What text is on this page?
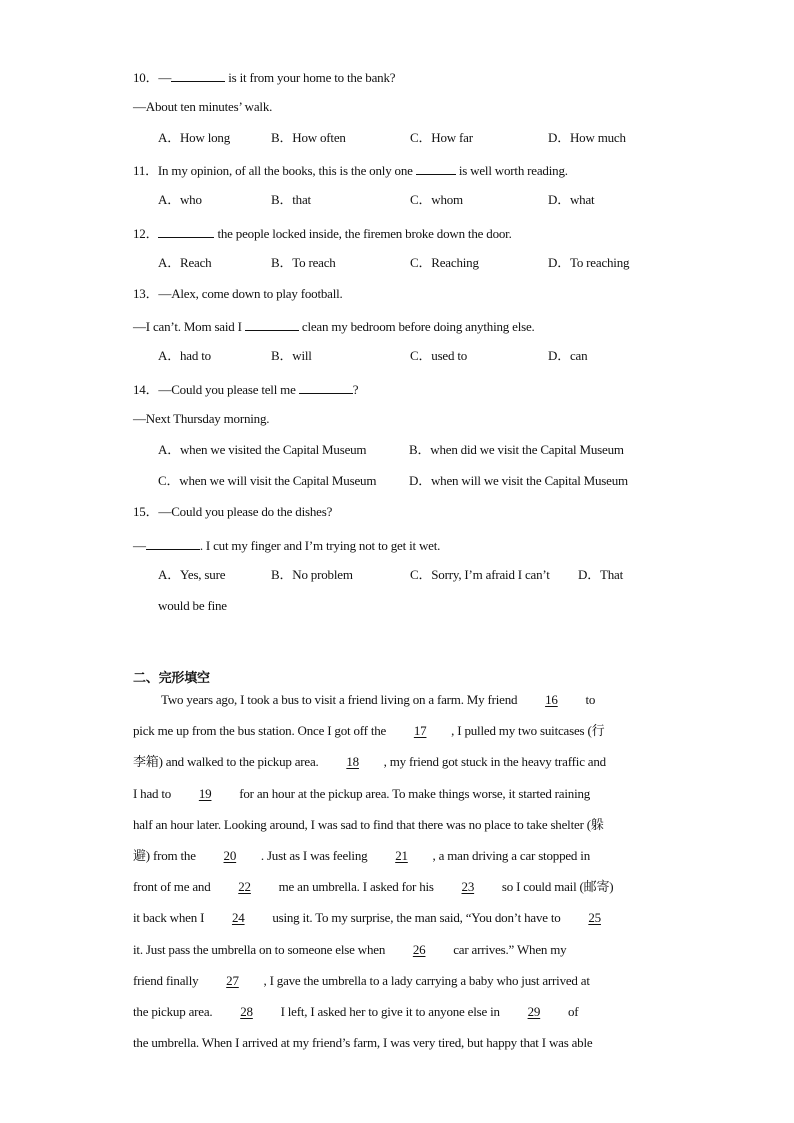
10．—	is it from your home to the bank?
—About ten minutes’ walk.
A．How long	B．How often	C．How far	D．How much
11．In my opinion, of all the books, this is the only one	is well worth reading.
A．who	B．that	C．whom	D．what
12．	the people locked inside, the firemen broke down the door.
A．Reach	B．To reach	C．Reaching	D．To reaching
13．—Alex, come down to play football.
—I can’t. Mom said I	clean my bedroom before doing anything else.
A．had to	B．will	C．used to	D．can
14．—Could you please tell me	?
—Next Thursday morning.
A．when we visited the Capital Museum	B．when did we visit the Capital Museum
C．when we will visit the Capital Museum	D．when will we visit the Capital Museum
15．—Could you please do the dishes?
—	. I cut my finger and I’m trying not to get it wet.
A．Yes, sure	B．No problem	C．Sorry, I’m afraid I can’t D．That
would be fine
二、完形填空
Two years ago, I took a bus to visit a friend living on a farm. My friend 16 to
pick me up from the bus station. Once I got off the 17 , I pulled my two suitcases (行
李箱) and walked to the pickup area. 18 , my friend got stuck in the heavy traffic and
I had to 19 for an hour at the pickup area. To make things worse, it started raining
half an hour later. Looking around, I was sad to find that there was no place to take shelter (躲
避) from the 20 . Just as I was feeling 21 , a man driving a car stopped in
front of me and 22 me an umbrella. I asked for his 23 so I could mail (邮寄)
it back when I 24 using it. To my surprise, the man said, “You don’t have to 25
it. Just pass the umbrella on to someone else when 26 car arrives.” When my
friend finally 27 , I gave the umbrella to a lady carrying a baby who just arrived at
the pickup area. 28 I left, I asked her to give it to anyone else in 29 of
the umbrella. When I arrived at my friend’s farm, I was very tired, but happy that I was able
